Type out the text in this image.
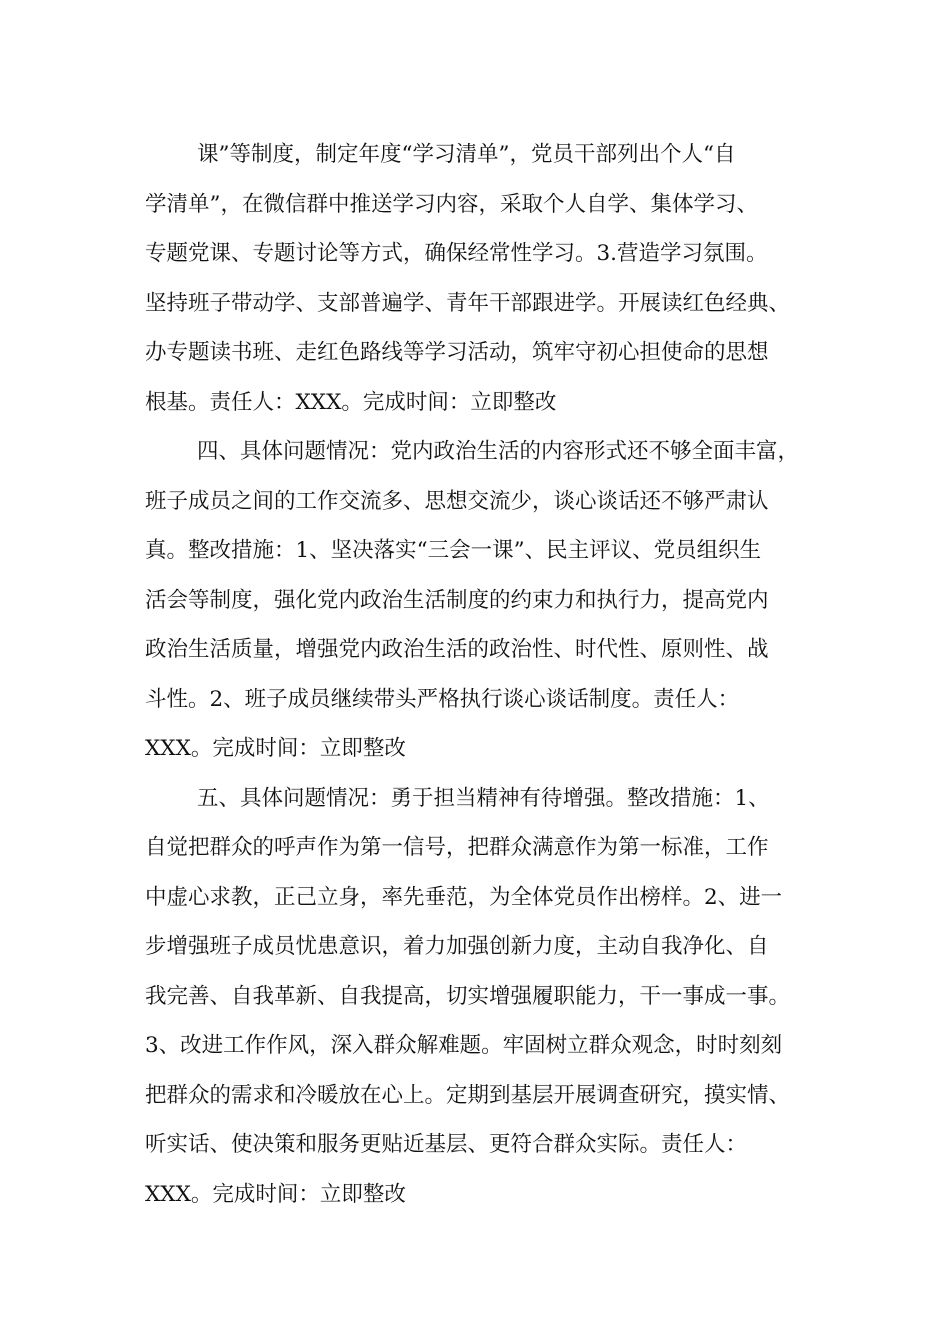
课”等制度，制定年度“学习清单”，党员干部列出个人“自
学清单”，在微信群中推送学习内容，采取个人自学、集体学习、
专题党课、专题讨论等方式，确保经常性学习。3.营造学习氛围。
坚持班子带动学、支部普遍学、青年干部跟进学。开展读红色经典、
办专题读书班、走红色路线等学习活动，筑牢守初心担使命的思想
根基。责任人：XXX。完成时间：立即整改
四、具体问题情况：党内政治生活的内容形式还不够全面丰富，
班子成员之间的工作交流多、思想交流少，谈心谈话还不够严肃认
真。整改措施：1、坚决落实“三会一课”、民主评议、党员组织生
活会等制度，强化党内政治生活制度的约束力和执行力，提高党内
政治生活质量，增强党内政治生活的政治性、时代性、原则性、战
斗性。2、班子成员继续带头严格执行谈心谈话制度。责任人：
XXX。完成时间：立即整改
五、具体问题情况：勇于担当精神有待增强。整改措施：1、
自觉把群众的呼声作为第一信号，把群众满意作为第一标准，工作
中虚心求教，正己立身，率先垂范，为全体党员作出榜样。2、进一
步增强班子成员忧患意识，着力加强创新力度，主动自我净化、自
我完善、自我革新、自我提高，切实增强履职能力，干一事成一事。
3、改进工作作风，深入群众解难题。牢固树立群众观念，时时刻刻
把群众的需求和冷暖放在心上。定期到基层开展调查研究，摸实情、
听实话、使决策和服务更贴近基层、更符合群众实际。责任人：
XXX。完成时间：立即整改
